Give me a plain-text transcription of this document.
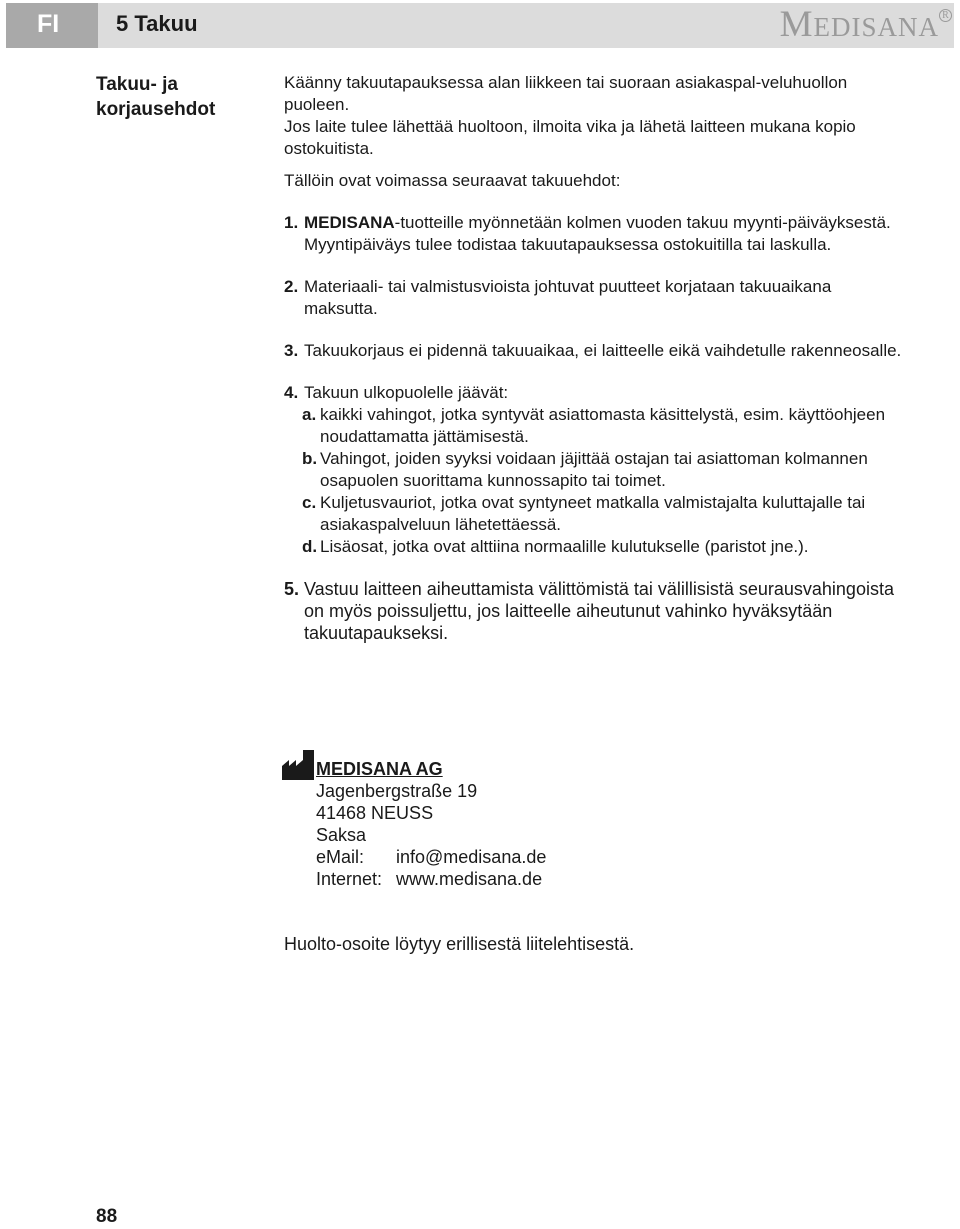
FI	5 Takuu	MEDISANA R
Takuu- ja korjausehdot

Käänny takuutapauksessa alan liikkeen tai suoraan asiakaspal-veluhuollon puoleen.

Jos laite tulee lähettää huoltoon, ilmoita vika ja lähetä laitteen mukana kopio ostokuitista.

Tällöin ovat voimassa seuraavat takuuehdot:

1. MEDISANA-tuotteille myönnetään kolmen vuoden takuu myynti-päiväyksestä. Myyntipäiväys tulee todistaa takuutapauksessa ostokuitilla tai laskulla.
2. Materiaali- tai valmistusvioista johtuvat puutteet korjataan takuuaikana maksutta.
3. Takuukorjaus ei pidennä takuuaikaa, ei laitteelle eikä vaihdetulle rakenneosalle.
4. Takuun ulkopuolelle jäävät:
a. kaikki vahingot, jotka syntyvät asiattomasta käsittelystä, esim. käyttöohjeen noudattamatta jättämisestä.
b. Vahingot, joiden syyksi voidaan jäjittää ostajan tai asiattoman kolmannen osapuolen suorittama kunnossapito tai toimet.
c. Kuljetusvauriot, jotka ovat syntyneet matkalla valmistajalta kuluttajalle tai asiakaspalveluun lähetettäessä.
d. Lisäosat, jotka ovat alttiina normaalille kulutukselle (paristot jne.).
5. Vastuu laitteen aiheuttamista välittömistä tai välillisistä seurausvahingoista on myös poissuljettu, jos laitteelle aiheutunut vahinko hyväksytään takuutapaukseksi.
MEDISANA AG
Jagenbergstraße 19
41468 NEUSS
Saksa
eMail:	info@medisana.de
Internet: www.medisana.de
Huolto-osoite löytyy erillisestä liitelehtisestä.
88
